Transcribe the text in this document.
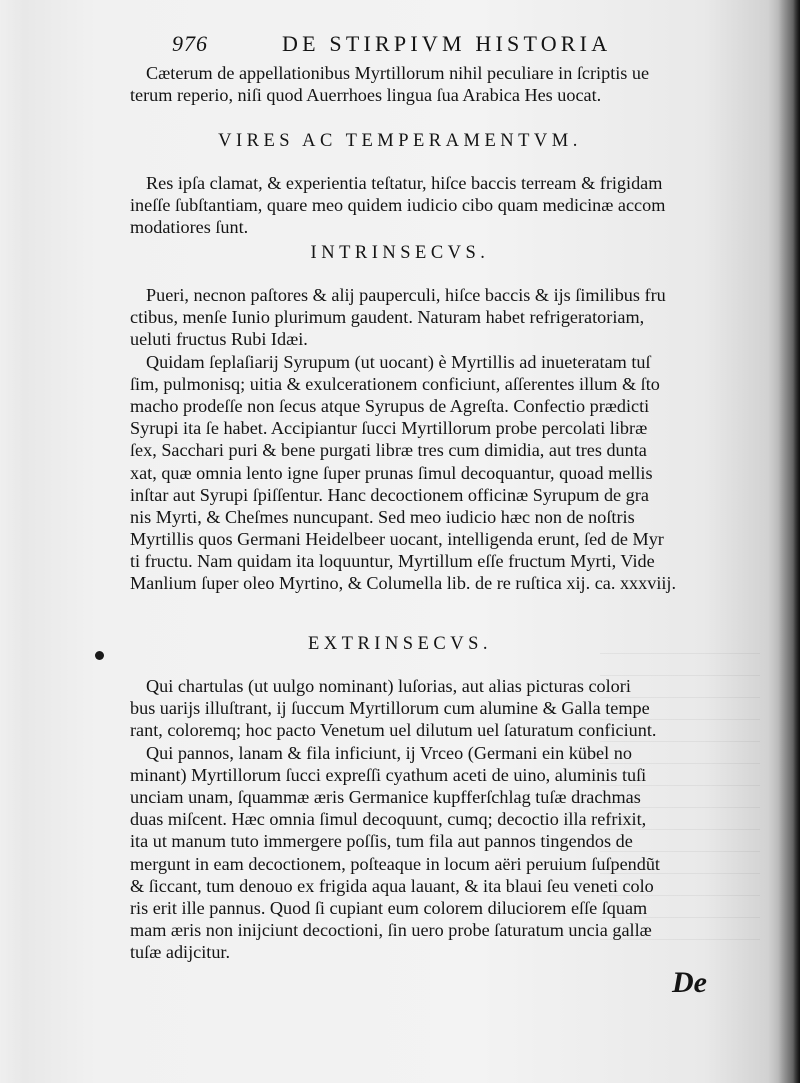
976	DE STIRPIVM HISTORIA
Cæterum de appellationibus Myrtillorum nihil peculiare in ſcriptis ue
terum reperio, niſi quod Auerrhoes lingua ſua Arabica Hes uocat.
VIRES AC TEMPERAMENTVM.
Res ipſa clamat, & experientia teſtatur, hiſce baccis terream & frigidam
ineſſe ſubſtantiam, quare meo quidem iudicio cibo quam medicinæ accom
modatiores ſunt.
INTRINSECVS.
Pueri, necnon paſtores & alij pauperculi, hiſce baccis & ijs ſimilibus fru
ctibus, menſe Iunio plurimum gaudent. Naturam habet refrigeratoriam,
ueluti fructus Rubi Idæi.
Quidam ſeplaſiarij Syrupum (ut uocant) è Myrtillis ad inueteratam tuſ
ſim, pulmonisq; uitia & exulcerationem conficiunt, aſſerentes illum & ſto
macho prodeſſe non ſecus atque Syrupus de Agreſta. Confectio prædicti
Syrupi ita ſe habet. Accipiantur ſucci Myrtillorum probe percolati libræ
ſex, Sacchari puri & bene purgati libræ tres cum dimidia, aut tres dunta
xat, quæ omnia lento igne ſuper prunas ſimul decoquantur, quoad mellis
inſtar aut Syrupi ſpiſſentur. Hanc decoctionem officinæ Syrupum de gra
nis Myrti, & Cheſmes nuncupant. Sed meo iudicio hæc non de noſtris
Myrtillis quos Germani Heidelbeer uocant, intelligenda erunt, ſed de Myr
ti fructu. Nam quidam ita loquuntur, Myrtillum eſſe fructum Myrti, Vide
Manlium ſuper oleo Myrtino, & Columella lib. de re ruſtica xij. ca. xxxviij.
EXTRINSECVS.
Qui chartulas (ut uulgo nominant) luſorias, aut alias picturas colori
bus uarijs illuſtrant, ĳ ſuccum Myrtillorum cum alumine & Galla tempe
rant, coloremq; hoc pacto Venetum uel dilutum uel ſaturatum conficiunt.
Qui pannos, lanam & fila inficiunt, ĳ Vrceo (Germani ein kübel no
minant) Myrtillorum ſucci expreſſi cyathum aceti de uino, aluminis tuſi
unciam unam, ſquammæ æris Germanice kupfferſchlag tuſæ drachmas
duas miſcent. Hæc omnia ſimul decoquunt, cumq; decoctio illa refrixit,
ita ut manum tuto immergere poſſis, tum fila aut pannos tingendos de
mergunt in eam decoctionem, poſteaque in locum aëri peruium ſuſpendũt
& ſiccant, tum denouo ex frigida aqua lauant, & ita blaui ſeu veneti colo
ris erit ille pannus. Quod ſi cupiant eum colorem diluciorem eſſe ſquam
mam æris non inijciunt decoctioni, ſin uero probe ſaturatum uncia gallæ
tuſæ adijcitur.
De
